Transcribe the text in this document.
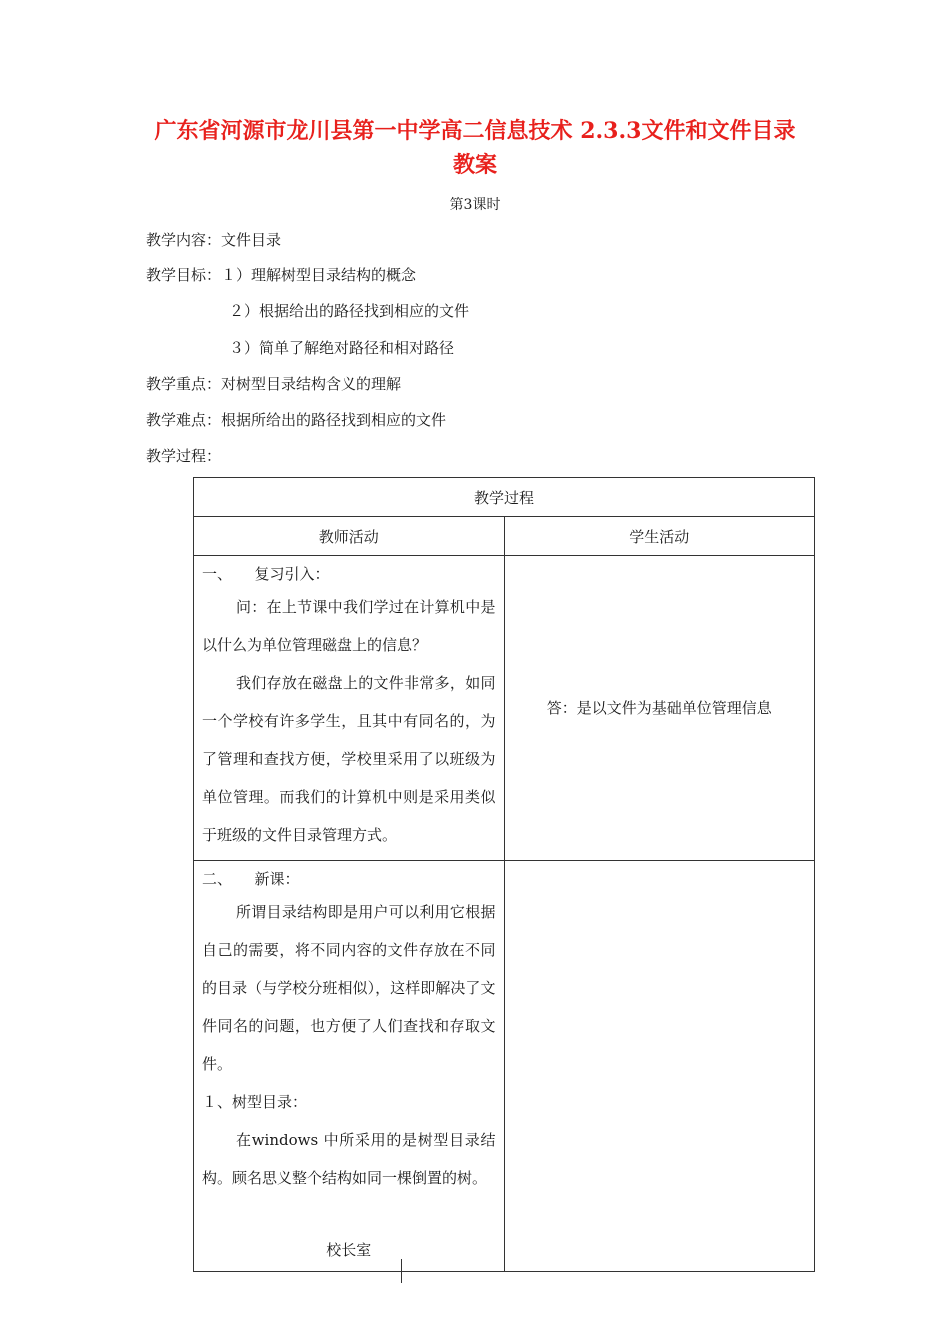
广东省河源市龙川县第一中学高二信息技术 2.3.3文件和文件目录
教案
第3课时
教学内容：文件目录
教学目标：１）理解树型目录结构的概念
２）根据给出的路径找到相应的文件
３）简单了解绝对路径和相对路径
教学重点：对树型目录结构含义的理解
教学难点：根据所给出的路径找到相应的文件
教学过程：
教学过程	
教师活动	学生活动

一、　　复习引入：
问：在上节课中我们学过在计算机中是以什么为单位管理磁盘上的信息？
我们存放在磁盘上的文件非常多，如同一个学校有许多学生，且其中有同名的，为了管理和查找方便，学校里采用了以班级为单位管理。而我们的计算机中则是采用类似于班级的文件目录管理方式。	答：是以文件为基础单位管理信息

二、　　新课：
所谓目录结构即是用户可以利用它根据自己的需要，将不同内容的文件存放在不同的目录（与学校分班相似），这样即解决了文件同名的问题，也方便了人们查找和存取文件。
１、树型目录：
在windows 中所采用的是树型目录结构。顾名思义整个结构如同一棵倒置的树。
校长室	
